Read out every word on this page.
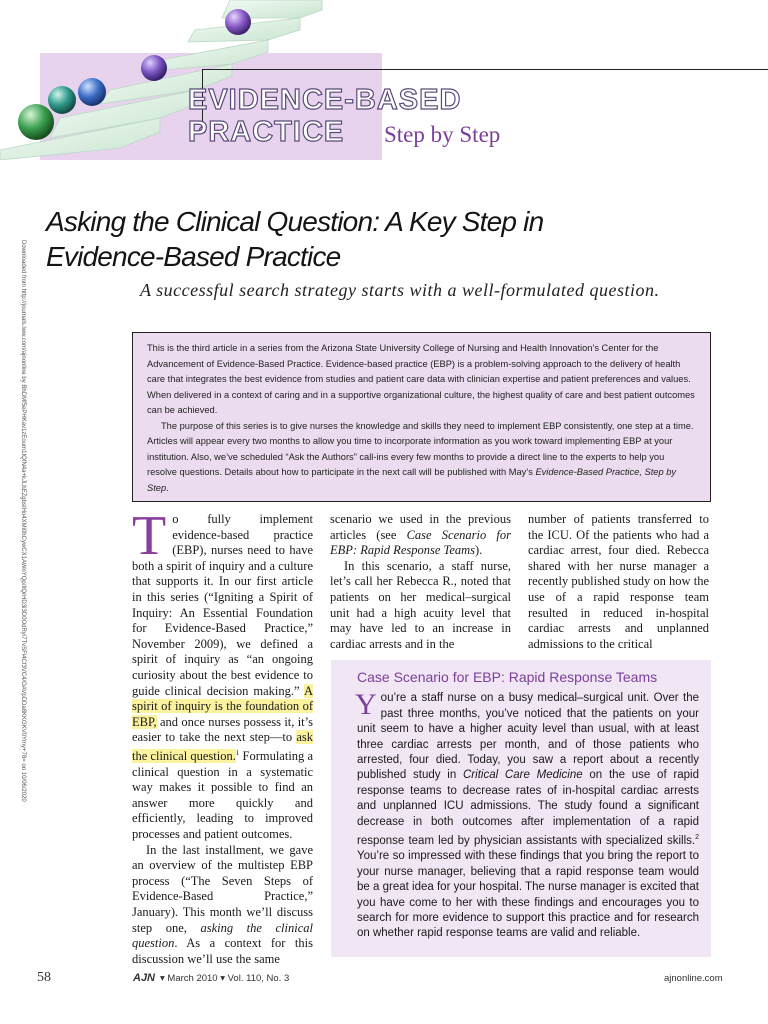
EVIDENCE-BASED
PRACTICE Step by Step
Downloaded from http://journals.lww.com/ajnonline by BhDMf5ePHKav1zEoum1tQfN4a+kJLhEZgbsIHo4XMi0hCywCX1AWnYQp/IlQrHD3i3D0OdRyi7TvSFl4Cf3VC4/OAVpDDa8KKGKV0Ymy+78= on 10/06/2020
Asking the Clinical Question: A Key Step in Evidence-Based Practice
A successful search strategy starts with a well-formulated question.

This is the third article in a series from the Arizona State University College of Nursing and Health Innovation’s Center for the Advancement of Evidence-Based Practice. Evidence-based practice (EBP) is a problem-solving approach to the delivery of health care that integrates the best evidence from studies and patient care data with clinician expertise and patient preferences and values. When delivered in a context of caring and in a supportive organizational culture, the highest quality of care and best patient outcomes can be achieved.

The purpose of this series is to give nurses the knowledge and skills they need to implement EBP consistently, one step at a time. Articles will appear every two months to allow you time to incorporate information as you work toward implementing EBP at your institution. Also, we’ve scheduled “Ask the Authors” call-ins every few months to provide a direct line to the experts to help you resolve questions. Details about how to participate in the next call will be published with May’s Evidence-Based Practice, Step by Step.

To fully implement evidence-based practice (EBP), nurses need to have both a spirit of inquiry and a culture that supports it. In our first article in this series (“Igniting a Spirit of Inquiry: An Essential Foundation for Evidence-Based Practice,” November 2009), we defined a spirit of inquiry as “an ongoing curiosity about the best evidence to guide clinical decision making.” A spirit of inquiry is the foundation of EBP, and once nurses possess it, it’s easier to take the next step—to ask the clinical question.$^1$ Formulating a clinical question in a systematic way makes it possible to find an answer more quickly and efficiently, leading to improved processes and patient outcomes.

In the last installment, we gave an overview of the multistep EBP process (“The Seven Steps of Evidence-Based Practice,” January). This month we’ll discuss step one, asking the clinical question. As a context for this discussion we’ll use the same

scenario we used in the previous articles (see Case Scenario for EBP: Rapid Response Teams).

In this scenario, a staff nurse, let’s call her Rebecca R., noted that patients on her medical–surgical unit had a high acuity level that may have led to an increase in cardiac arrests and in the

number of patients transferred to the ICU. Of the patients who had a cardiac arrest, four died. Rebecca shared with her nurse manager a recently published study on how the use of a rapid response team resulted in reduced in-hospital cardiac arrests and unplanned admissions to the critical

Case Scenario for EBP: Rapid Response Teams

You’re a staff nurse on a busy medical–surgical unit. Over the past three months, you’ve noticed that the patients on your unit seem to have a higher acuity level than usual, with at least three cardiac arrests per month, and of those patients who arrested, four died. Today, you saw a report about a recently published study in Critical Care Medicine on the use of rapid response teams to decrease rates of in-hospital cardiac arrests and unplanned ICU admissions. The study found a significant decrease in both outcomes after implementation of a rapid response team led by physician assistants with specialized skills.$^2$ You’re so impressed with these findings that you bring the report to your nurse manager, believing that a rapid response team would be a great idea for your hospital. The nurse manager is excited that you have come to her with these findings and encourages you to search for more evidence to support this practice and for research on whether rapid response teams are valid and reliable.

58	AJN ▾ March 2010 ▾ Vol. 110, No. 3	ajnonline.com
